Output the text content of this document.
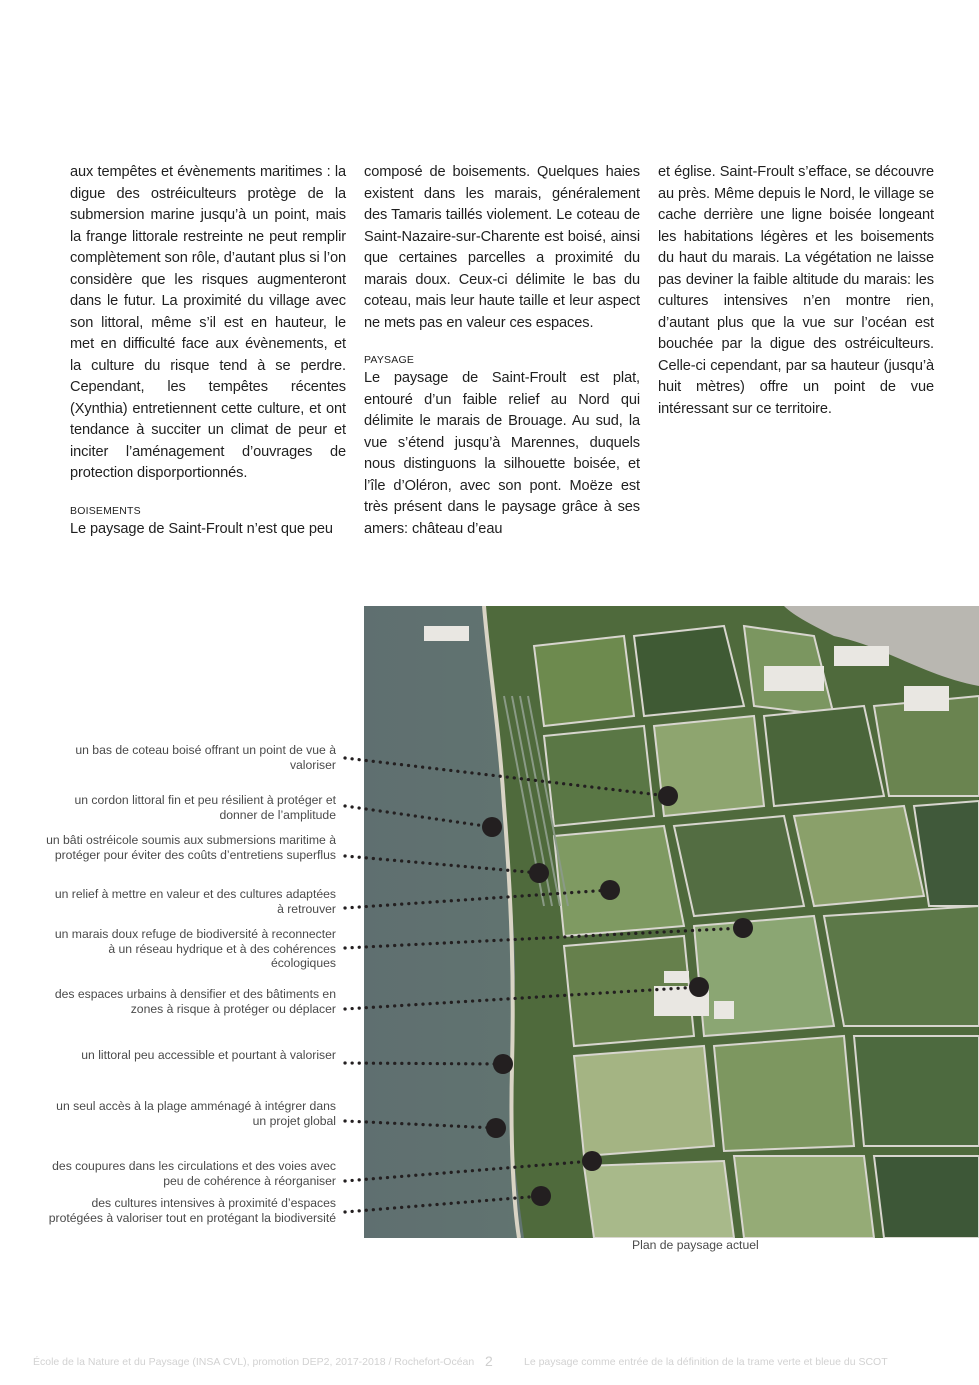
aux tempêtes et évènements maritimes : la digue des ostréiculteurs protège de la submersion marine jusqu’à un point, mais la frange littorale restreinte ne peut remplir complètement son rôle, d’autant plus si l’on considère que les risques augmenteront dans le futur. La proximité du village avec son littoral, même s’il est en hauteur, le met en difficulté face aux évènements, et la culture du risque tend à se perdre. Cependant, les tempêtes récentes (Xynthia) entretiennent cette culture, et ont tendance à succiter un climat de peur et inciter l’aménagement d’ouvrages de protection disporportionnés.

BOISEMENTS

Le paysage de Saint-Froult n’est que peu

composé de boisements. Quelques haies existent dans les marais, généralement des Tamaris taillés violement. Le coteau de Saint-Nazaire-sur-Charente est boisé, ainsi que certaines parcelles a proximité du marais doux. Ceux-ci délimite le bas du coteau, mais leur haute taille et leur aspect ne mets pas en valeur ces espaces.

PAYSAGE

Le paysage de Saint-Froult est plat, entouré d’un faible relief au Nord qui délimite le marais de Brouage. Au sud, la vue s’étend jusqu’à Marennes, duquels nous distinguons la silhouette boisée, et l’île d’Oléron, avec son pont. Moëze est très présent dans le paysage grâce à ses amers: château d’eau

et église. Saint-Froult s’efface, se découvre au près. Même depuis le Nord, le village se cache derrière une ligne boisée longeant les habitations légères et les boisements du haut du marais. La végétation ne laisse pas deviner la faible altitude du marais: les cultures intensives n’en montre rien, d’autant plus que la vue sur l’océan est bouchée par la digue des ostréiculteurs. Celle-ci cependant, par sa hauteur (jusqu’à huit mètres) offre un point de vue intéressant sur ce territoire.

un bas de coteau boisé offrant un point de vue à valoriser
un cordon littoral fin et peu résilient à protéger et donner de l’amplitude
un bâti ostréicole soumis aux submersions maritime à protéger pour éviter des coûts d’entretiens superflus
un relief à mettre en valeur et des cultures adaptées à retrouver
un marais doux refuge de biodiversité à reconnecter à un réseau hydrique et à des cohérences écologiques
des espaces urbains à densifier et des bâtiments en zones à risque à protéger ou déplacer
un littoral peu accessible et pourtant à valoriser
un seul accès à la plage amménagé à intégrer dans un projet global
des coupures dans les circulations et des voies avec peu de cohérence à réorganiser
des cultures intensives à proximité d’espaces protégées à valoriser tout en protégant la biodiversité
Plan de paysage actuel
École de la Nature et du Paysage (INSA CVL), promotion DEP2, 2017-2018 / Rochefort-Océan 2	Le paysage comme entrée de la définition de la trame verte et bleue du SCOT
